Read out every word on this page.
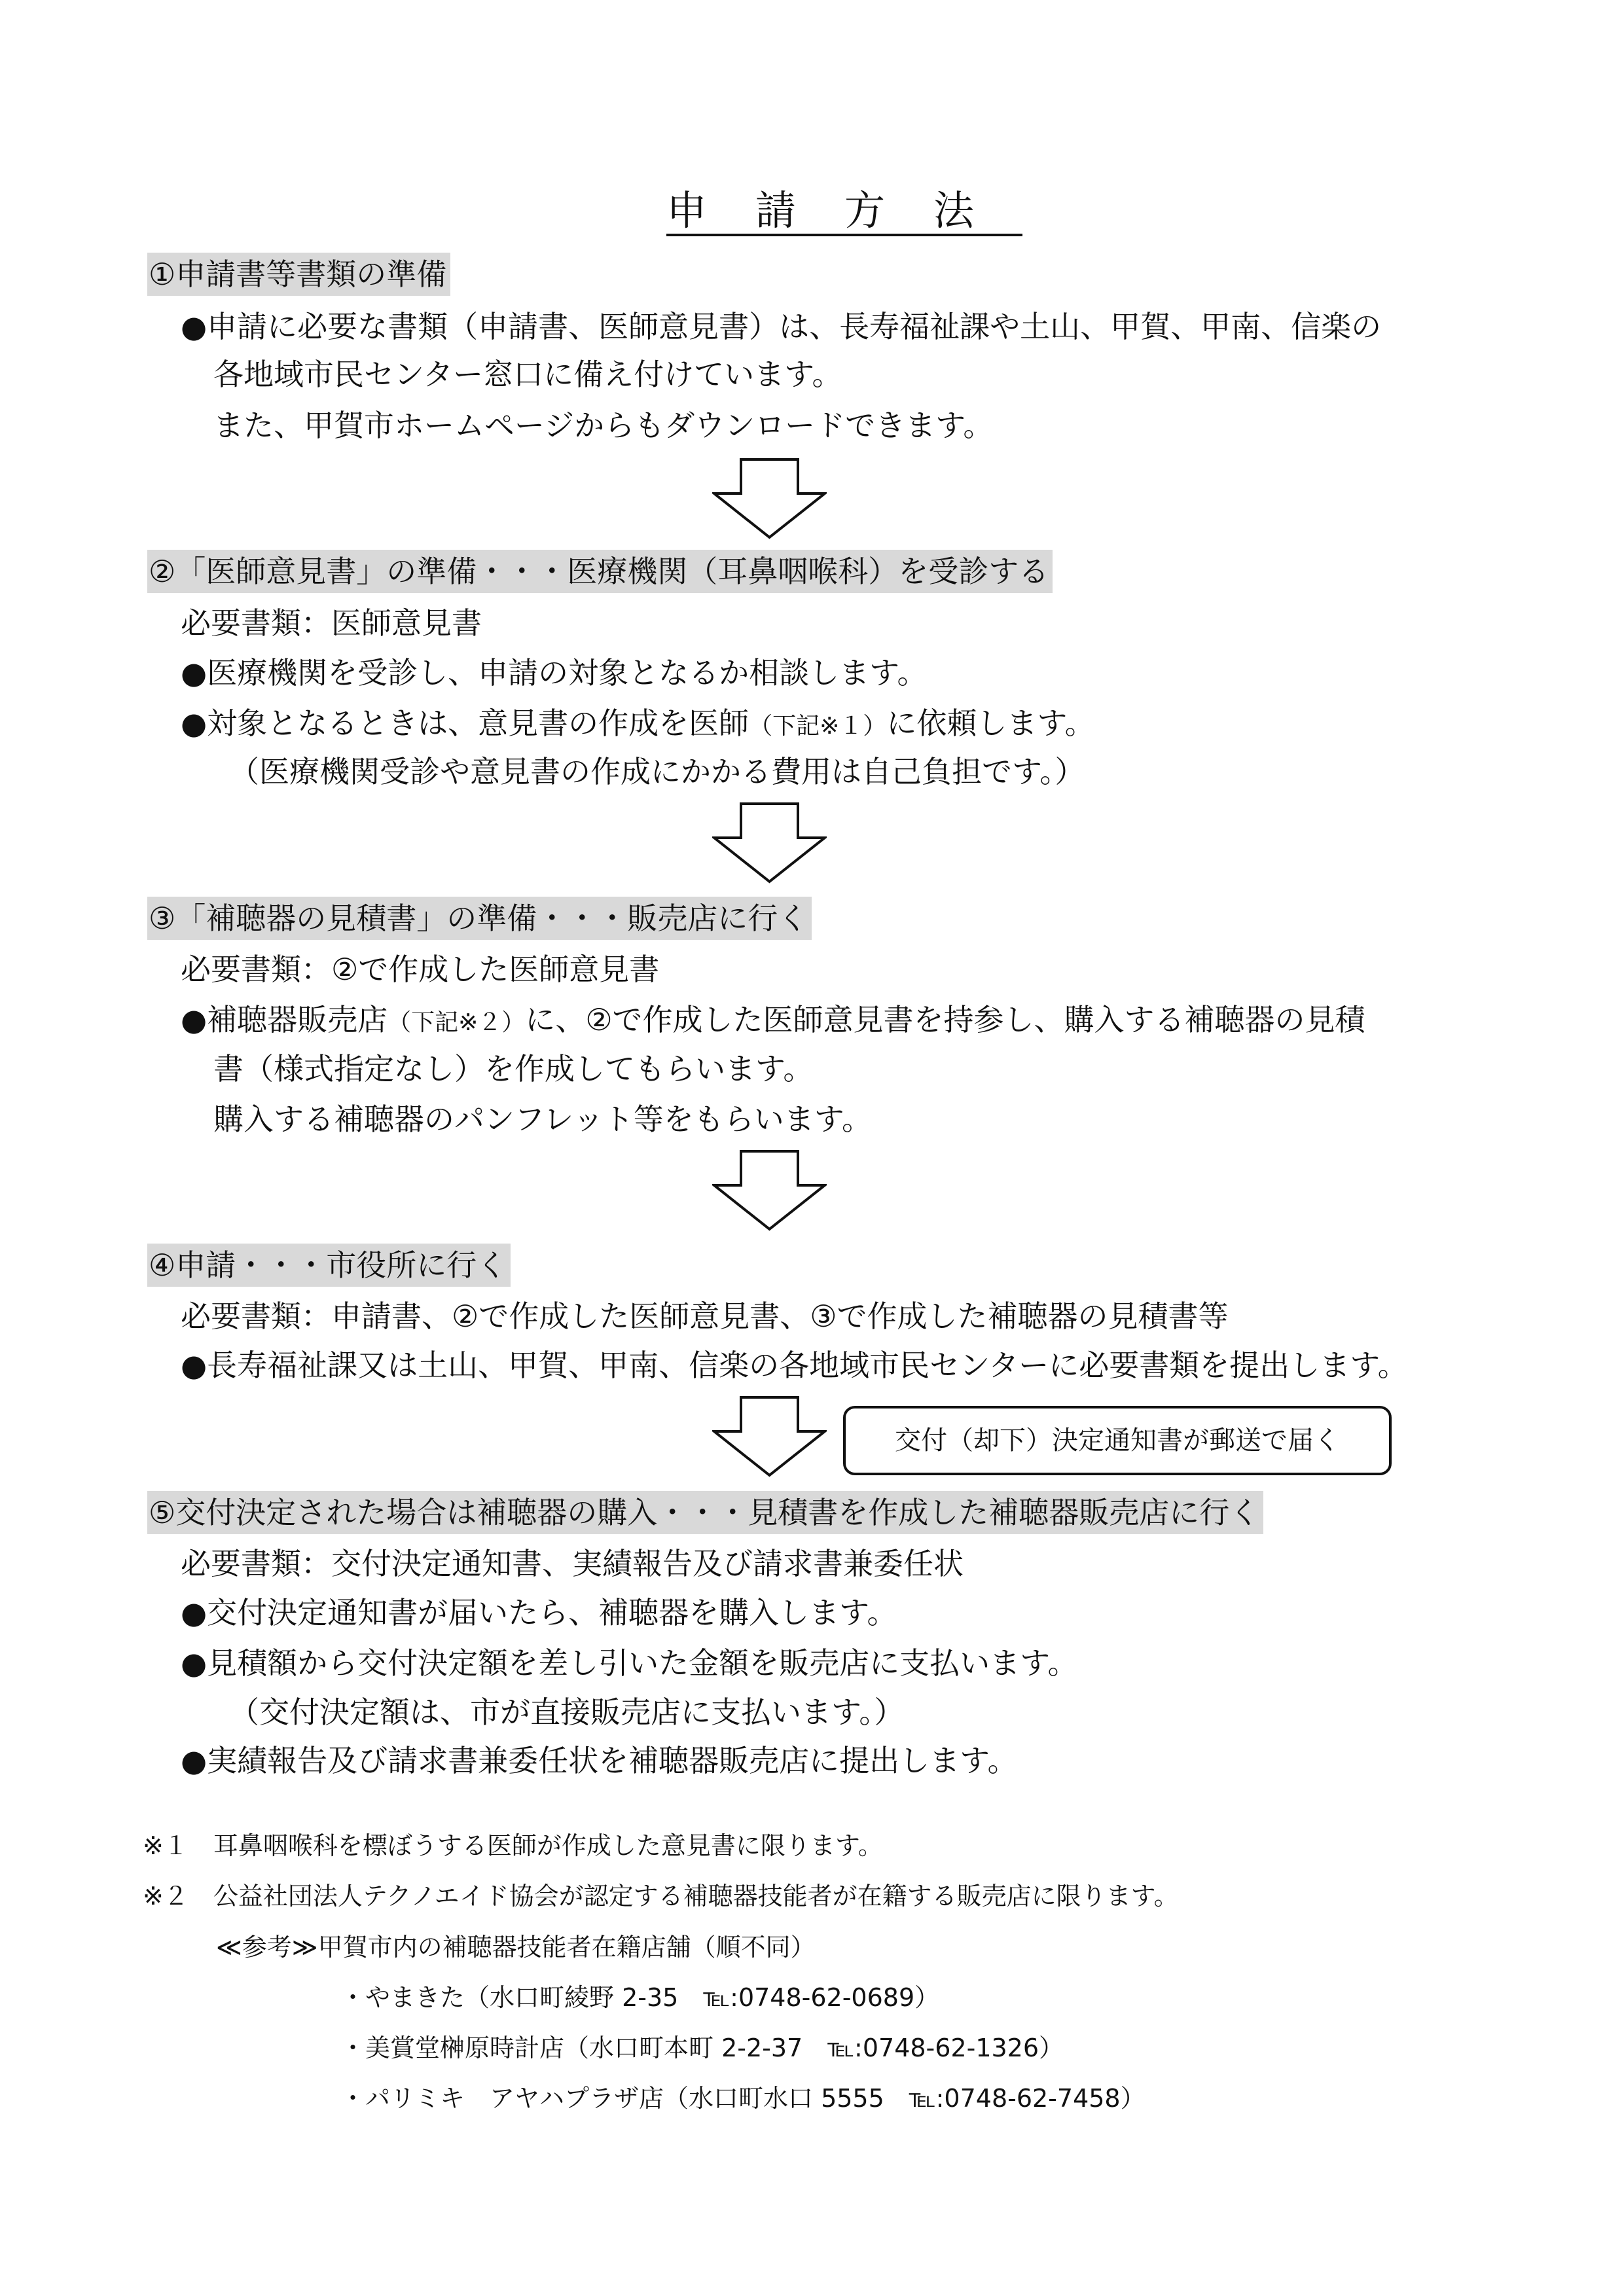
申請方法
①申請書等書類の準備
●申請に必要な書類（申請書、医師意見書）は、長寿福祉課や土山、甲賀、甲南、信楽の
各地域市民センター窓口に備え付けています。
また、甲賀市ホームページからもダウンロードできます。
②「医師意見書」の準備・・・医療機関（耳鼻咽喉科）を受診する
必要書類：医師意見書
●医療機関を受診し、申請の対象となるか相談します。
●対象となるときは、意見書の作成を医師（下記※１）に依頼します。
（医療機関受診や意見書の作成にかかる費用は自己負担です。）
③「補聴器の見積書」の準備・・・販売店に行く
必要書類：②で作成した医師意見書
●補聴器販売店（下記※２）に、②で作成した医師意見書を持参し、購入する補聴器の見積
書（様式指定なし）を作成してもらいます。
購入する補聴器のパンフレット等をもらいます。
④申請・・・市役所に行く
必要書類：申請書、②で作成した医師意見書、③で作成した補聴器の見積書等
●長寿福祉課又は土山、甲賀、甲南、信楽の各地域市民センターに必要書類を提出します。
交付（却下）決定通知書が郵送で届く
⑤交付決定された場合は補聴器の購入・・・見積書を作成した補聴器販売店に行く
必要書類：交付決定通知書、実績報告及び請求書兼委任状
●交付決定通知書が届いたら、補聴器を購入します。
●見積額から交付決定額を差し引いた金額を販売店に支払います。
（交付決定額は、市が直接販売店に支払います。）
●実績報告及び請求書兼委任状を補聴器販売店に提出します。
※１　耳鼻咽喉科を標ぼうする医師が作成した意見書に限ります。
※２　公益社団法人テクノエイド協会が認定する補聴器技能者が在籍する販売店に限ります。
≪参考≫甲賀市内の補聴器技能者在籍店舗（順不同）
・やまきた（水口町綾野 2-35　℡:0748-62-0689）
・美賞堂榊原時計店（水口町本町 2-2-37　℡:0748-62-1326）
・パリミキ　アヤハプラザ店（水口町水口 5555　℡:0748-62-7458）
